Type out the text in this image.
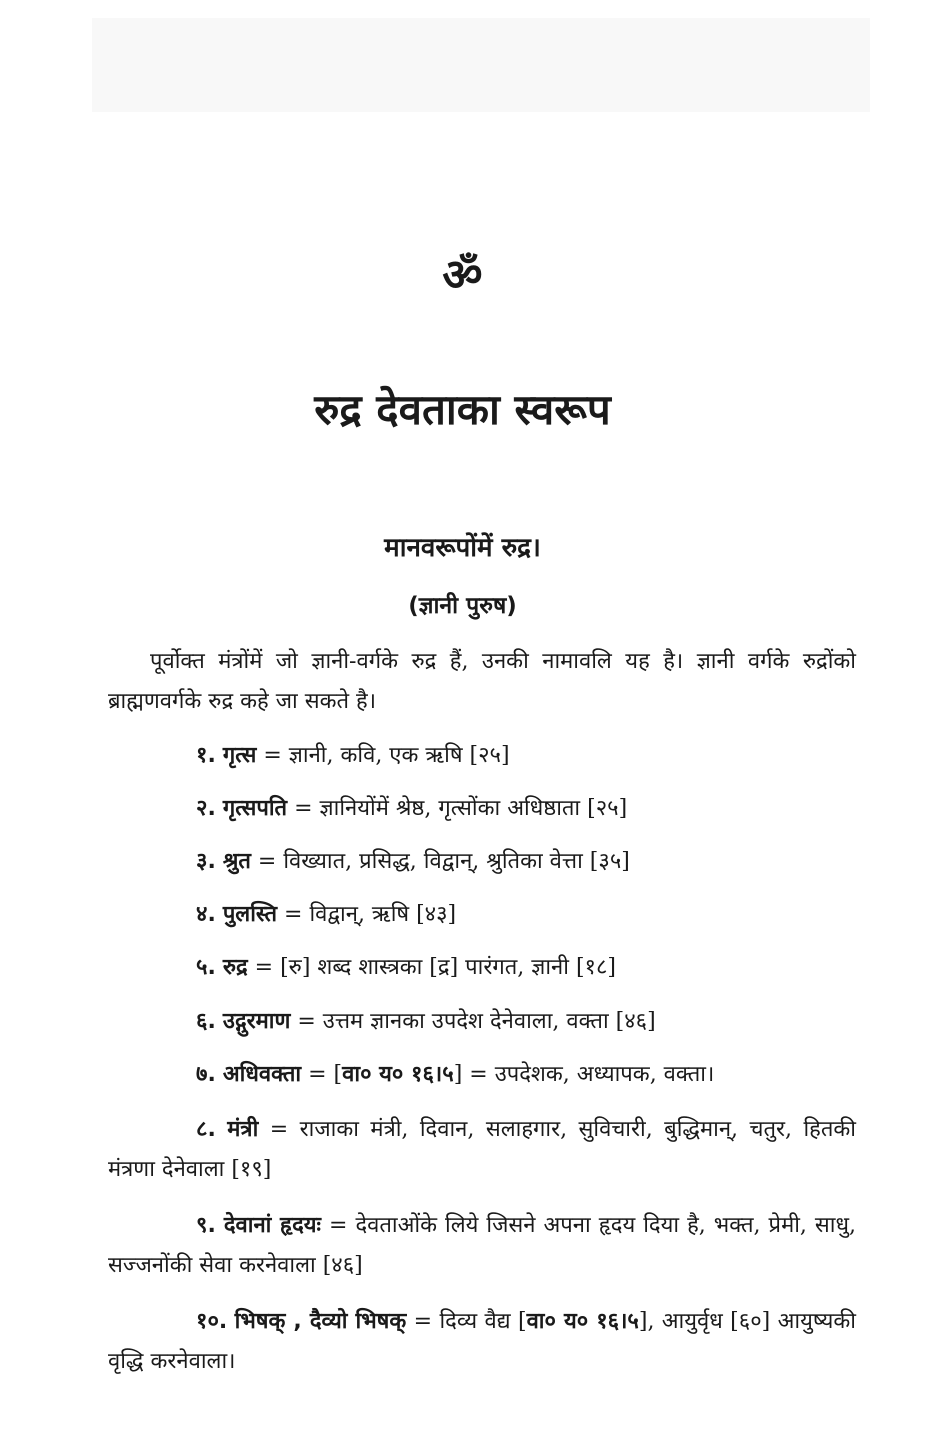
ॐ
रुद्र देवताका स्वरूप
मानवरूपोंमें रुद्र।
(ज्ञानी पुरुष)
पूर्वोक्त मंत्रोंमें जो ज्ञानी-वर्गके रुद्र हैं, उनकी नामावलि यह है। ज्ञानी वर्गके रुद्रोंको ब्राह्मणवर्गके रुद्र कहे जा सकते है।
१. गृत्स = ज्ञानी, कवि, एक ऋषि [२५]
२. गृत्सपति = ज्ञानियोंमें श्रेष्ठ, गृत्सोंका अधिष्ठाता [२५]
३. श्रुत = विख्यात, प्रसिद्ध, विद्वान्, श्रुतिका वेत्ता [३५]
४. पुलस्ति = विद्वान्, ऋषि [४३]
५. रुद्र = [रु] शब्द शास्त्रका [द्र] पारंगत, ज्ञानी [१८]
६. उद्गुरमाण = उत्तम ज्ञानका उपदेश देनेवाला, वक्ता [४६]
७. अधिवक्ता = [वा० य० १६।५] = उपदेशक, अध्यापक, वक्ता।
८. मंत्री = राजाका मंत्री, दिवान, सलाहगार, सुविचारी, बुद्धिमान्, चतुर, हितकी मंत्रणा देनेवाला [१९]
९. देवानां हृदयः = देवताओंके लिये जिसने अपना हृदय दिया है, भक्त, प्रेमी, साधु, सज्जनोंकी सेवा करनेवाला [४६]
१०. भिषक् , दैव्यो भिषक् = दिव्य वैद्य [वा० य० १६।५], आयुर्वृध [६०] आयुष्यकी वृद्धि करनेवाला।
